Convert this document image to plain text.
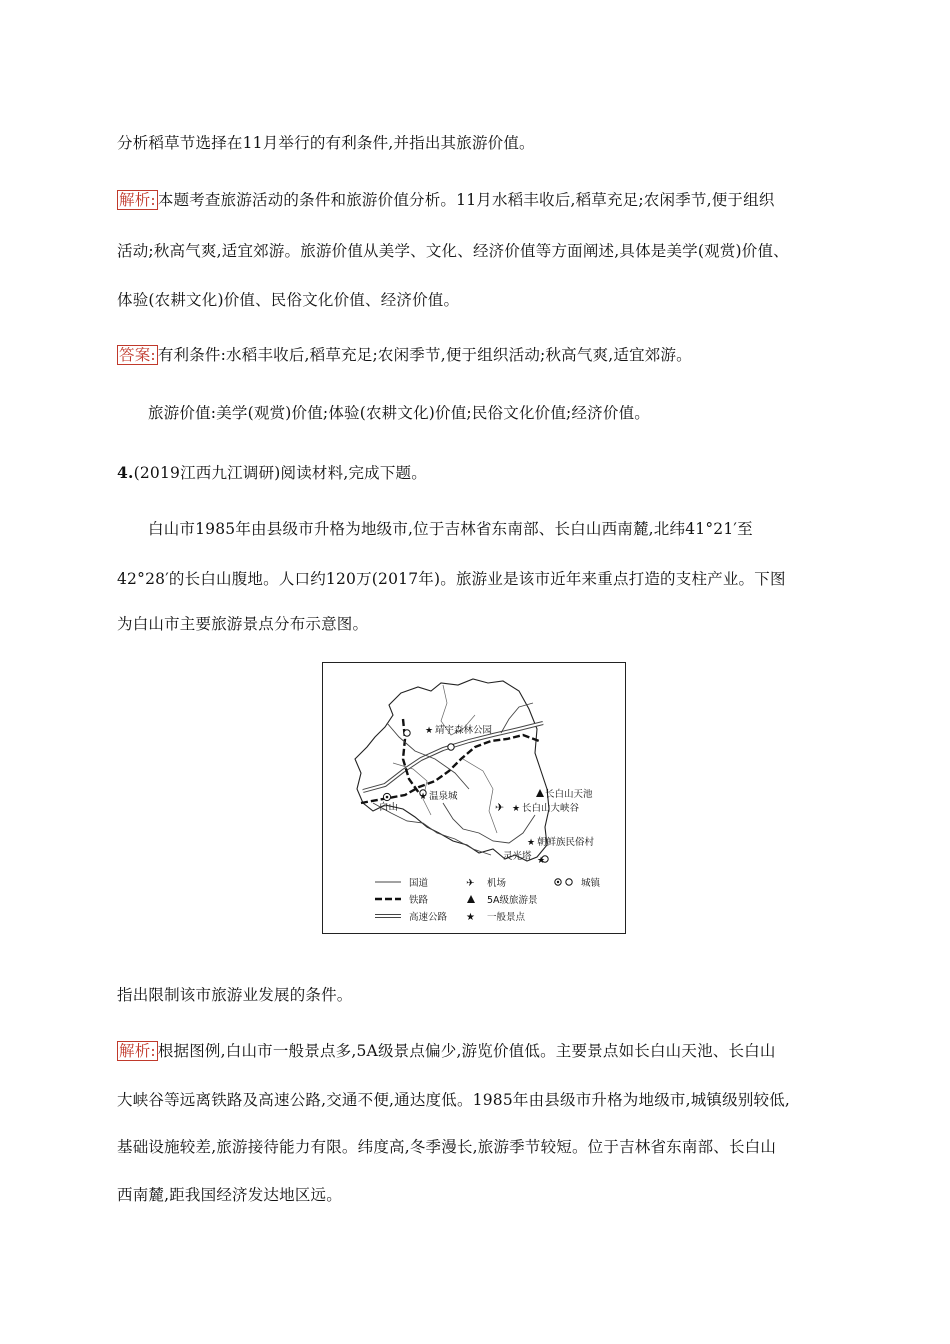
分析稻草节选择在11月举行的有利条件,并指出其旅游价值。
解析: 本题考查旅游活动的条件和旅游价值分析。11月水稻丰收后,稻草充足;农闲季节,便于组织
活动;秋高气爽,适宜郊游。旅游价值从美学、文化、经济价值等方面阐述,具体是美学(观赏)价值、
体验(农耕文化)价值、民俗文化价值、经济价值。
答案: 有利条件:水稻丰收后,稻草充足;农闲季节,便于组织活动;秋高气爽,适宜郊游。
旅游价值:美学(观赏)价值;体验(农耕文化)价值;民俗文化价值;经济价值。
4.(2019江西九江调研)阅读材料,完成下题。
白山市1985年由县级市升格为地级市,位于吉林省东南部、长白山西南麓,北纬41°21′至
42°28′的长白山腹地。人口约120万(2017年)。旅游业是该市近年来重点打造的支柱产业。下图
为白山市主要旅游景点分布示意图。
✈
★
★
★
★
★
靖宇森林公园
白山
温泉城	长白山天池
长白山大峡谷
朝鲜族民俗村
灵光塔
国道
铁路
高速公路
✈ 机场
5A级旅游景
★ 一般景点
城镇
指出限制该市旅游业发展的条件。
解析: 根据图例,白山市一般景点多,5A级景点偏少,游览价值低。主要景点如长白山天池、长白山
大峡谷等远离铁路及高速公路,交通不便,通达度低。1985年由县级市升格为地级市,城镇级别较低,
基础设施较差,旅游接待能力有限。纬度高,冬季漫长,旅游季节较短。位于吉林省东南部、长白山
西南麓,距我国经济发达地区远。
